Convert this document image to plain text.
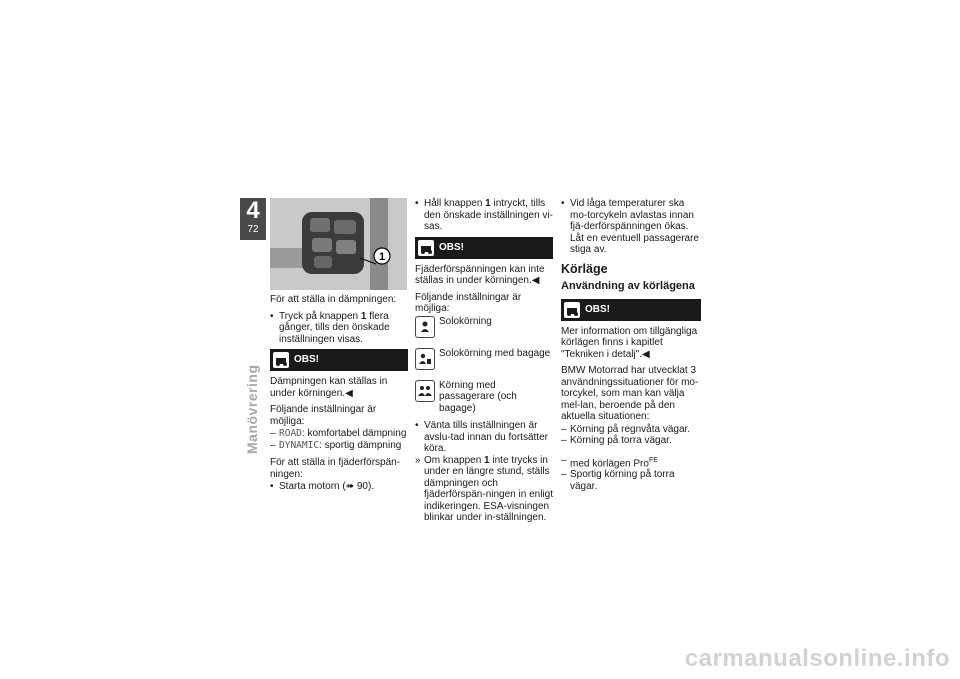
4
72
Manövrering
1

För att ställa in dämpningen:

• Tryck på knappen 1 flera gånger, tills den önskade inställningen visas.
OBS!

Dämpningen kan ställas in under körningen.◀

Följande inställningar är möjliga:

– ROAD: komfortabel dämpning
– DYNAMIC: sportig dämpning

För att ställa in fjäderförspän-ningen:

• Starta motorn (➠ 90).
• Håll knappen 1 intryckt, tills den önskade inställningen vi-sas.
OBS!

Fjäderförspänningen kan inte ställas in under körningen.◀

Följande inställningar är möjliga:

Solokörning
Solokörning med bagage
Körning med passagerare (och bagage)
• Vänta tills inställningen är avslu-tad innan du fortsätter köra.
» Om knappen 1 inte trycks in under en längre stund, ställs dämpningen och fjäderförspän-ningen in enligt indikeringen. ESA-visningen blinkar under in-ställningen.
• Vid låga temperaturer ska mo-torcykeln avlastas innan fjä-derförspänningen ökas. Låt en eventuell passagerare stiga av.
Körläge
Användning av körlägena
OBS!

Mer information om tillgängliga körlägen finns i kapitlet "Tekniken i detalj".◀

BMW Motorrad har utvecklat 3 användningssituationer för mo-torcykel, som man kan välja mel-lan, beroende på den aktuella situationen:

– Körning på regnvåta vägar.
– Körning på torra vägar.
– med körlägen Pro$^{FE}$
– Sportig körning på torra vägar.
carmanualsonline.info
